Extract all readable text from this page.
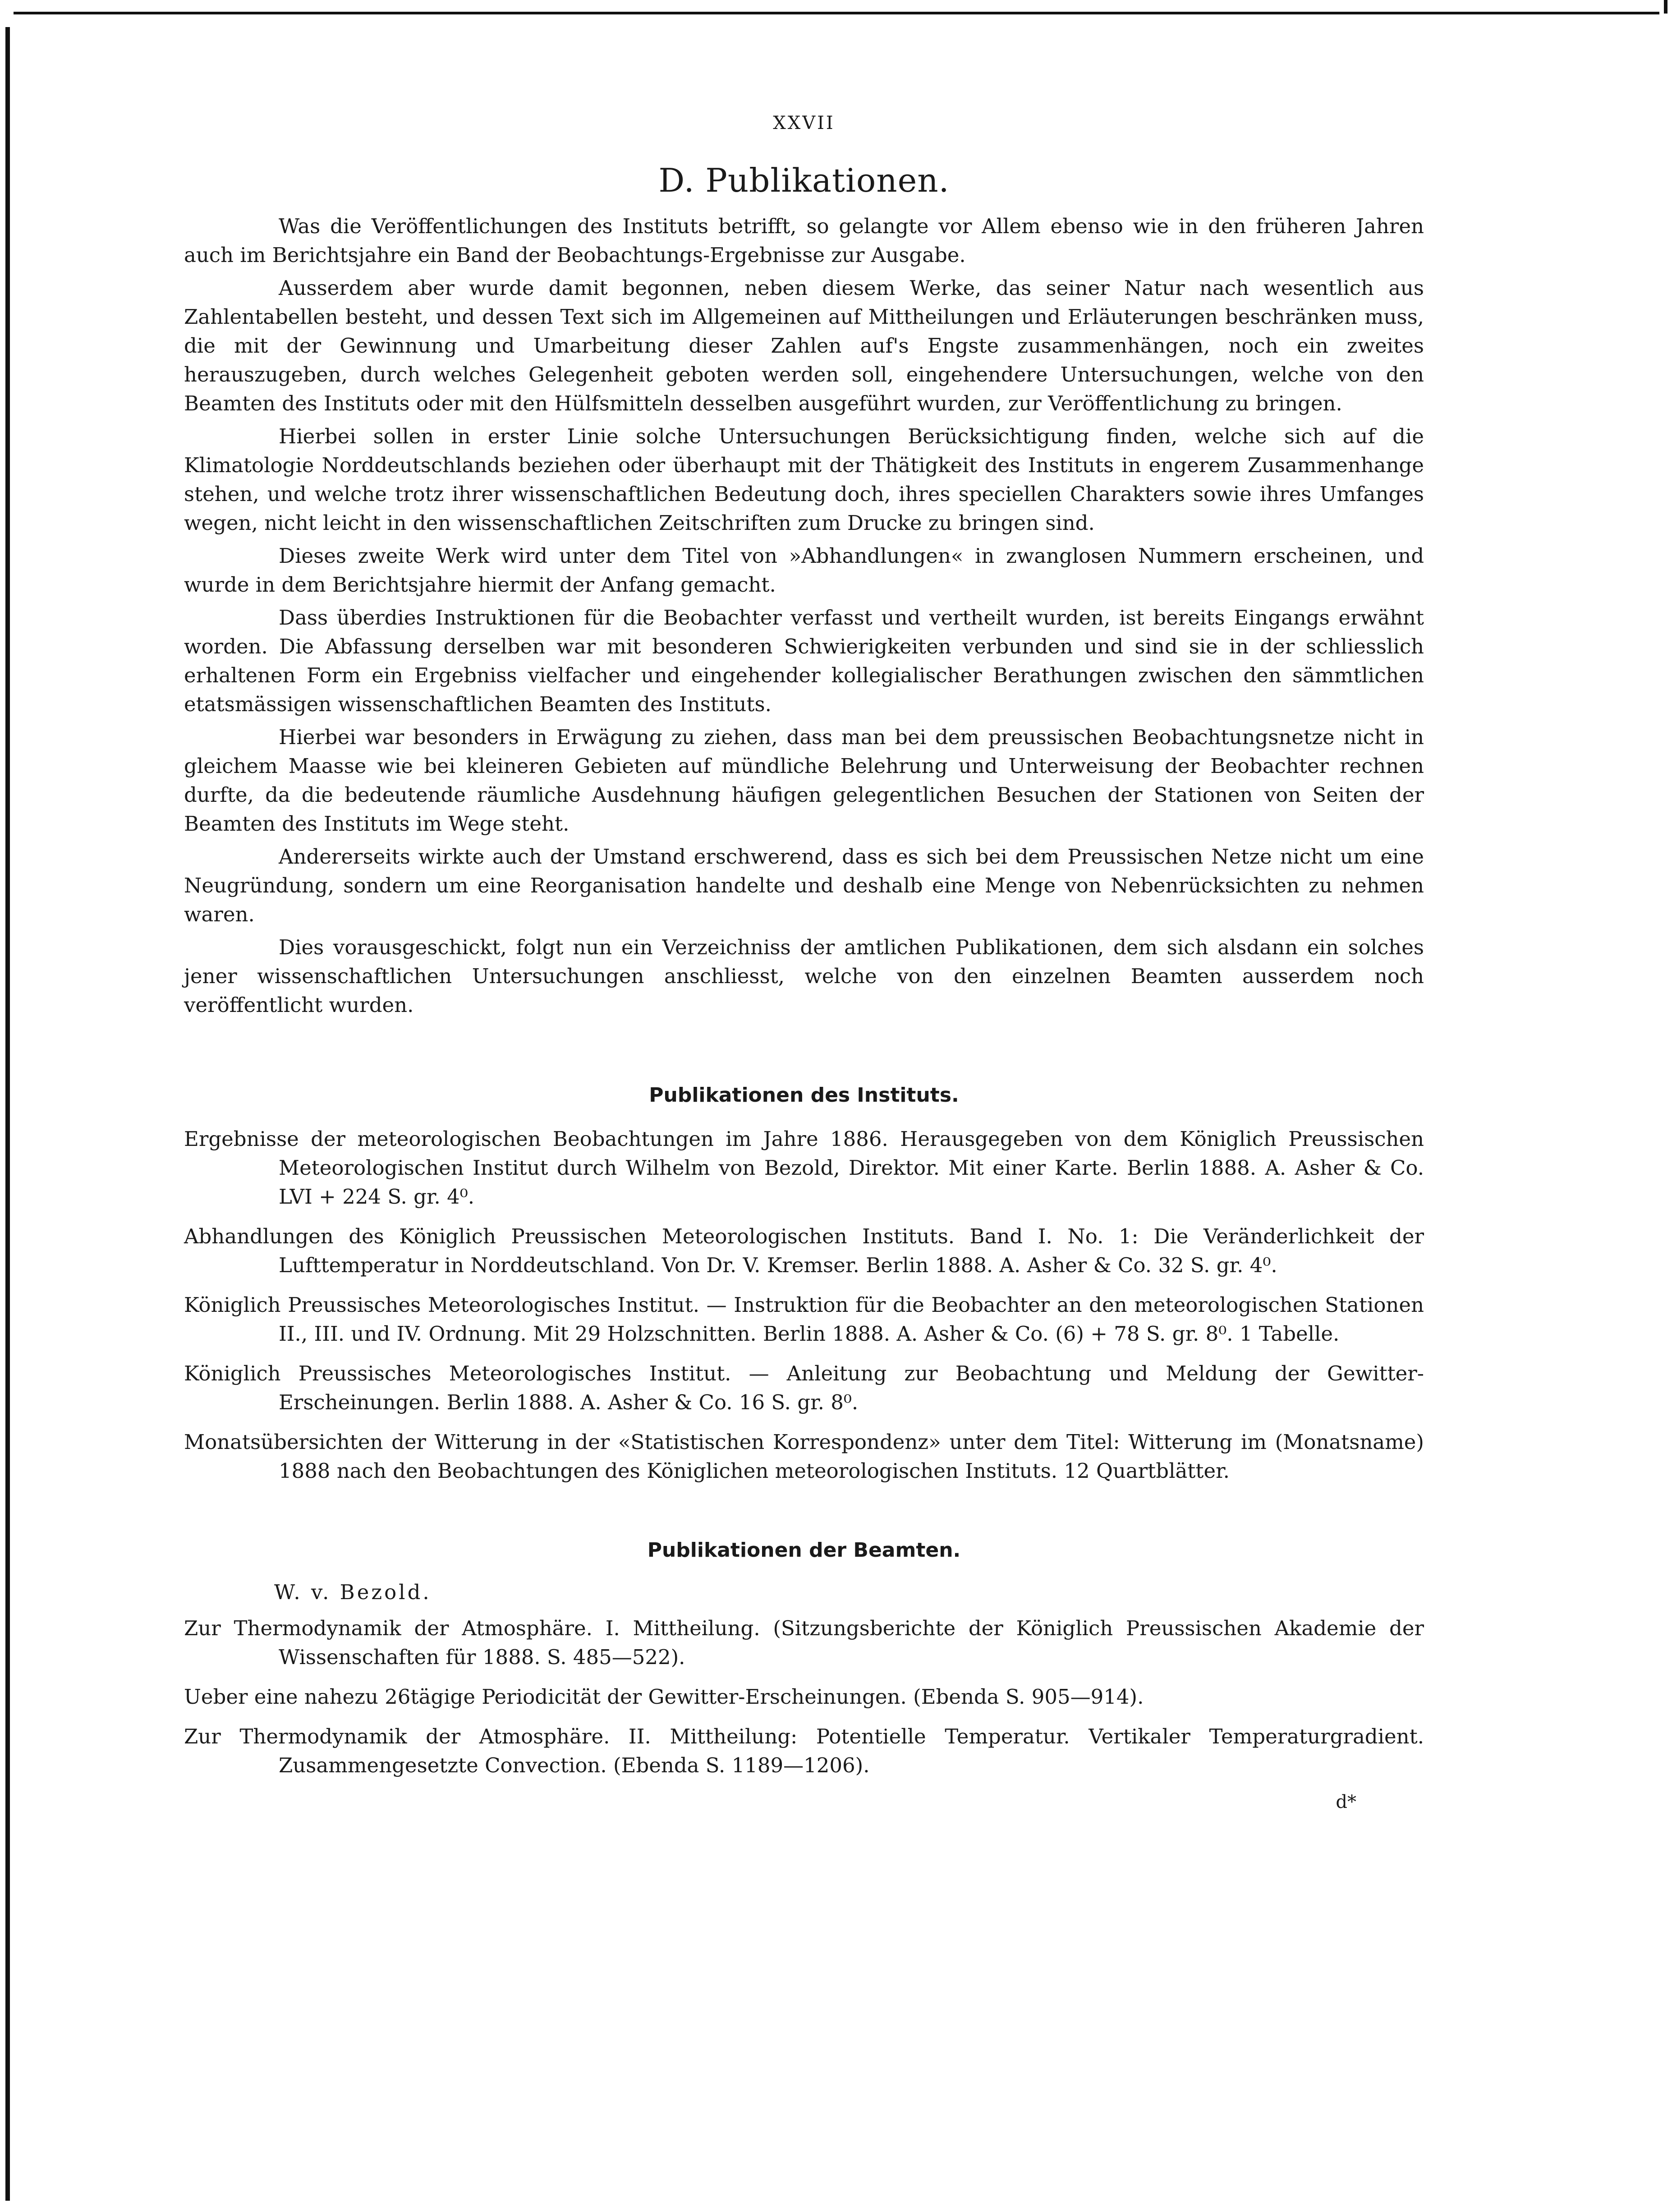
XXVII
D. Publikationen.

Was die Veröffentlichungen des Instituts betrifft, so gelangte vor Allem ebenso wie in den früheren Jahren auch im Berichtsjahre ein Band der Beobachtungs-Ergebnisse zur Ausgabe.

Ausserdem aber wurde damit begonnen, neben diesem Werke, das seiner Natur nach wesentlich aus Zahlentabellen besteht, und dessen Text sich im Allgemeinen auf Mittheilungen und Erläuterungen beschränken muss, die mit der Gewinnung und Umarbeitung dieser Zahlen auf's Engste zusammenhängen, noch ein zweites herauszugeben, durch welches Gelegenheit geboten werden soll, eingehendere Untersuchungen, welche von den Beamten des Instituts oder mit den Hülfsmitteln desselben ausgeführt wurden, zur Veröffentlichung zu bringen.

Hierbei sollen in erster Linie solche Untersuchungen Berücksichtigung finden, welche sich auf die Klimatologie Norddeutschlands beziehen oder überhaupt mit der Thätigkeit des Instituts in engerem Zusammenhange stehen, und welche trotz ihrer wissenschaftlichen Bedeutung doch, ihres speciellen Charakters sowie ihres Umfanges wegen, nicht leicht in den wissenschaftlichen Zeitschriften zum Drucke zu bringen sind.

Dieses zweite Werk wird unter dem Titel von »Abhandlungen« in zwanglosen Nummern erscheinen, und wurde in dem Berichtsjahre hiermit der Anfang gemacht.

Dass überdies Instruktionen für die Beobachter verfasst und vertheilt wurden, ist bereits Eingangs erwähnt worden. Die Abfassung derselben war mit besonderen Schwierigkeiten verbunden und sind sie in der schliesslich erhaltenen Form ein Ergebniss vielfacher und eingehender kollegialischer Berathungen zwischen den sämmtlichen etatsmässigen wissenschaftlichen Beamten des Instituts.

Hierbei war besonders in Erwägung zu ziehen, dass man bei dem preussischen Beobachtungsnetze nicht in gleichem Maasse wie bei kleineren Gebieten auf mündliche Belehrung und Unterweisung der Beobachter rechnen durfte, da die bedeutende räumliche Ausdehnung häufigen gelegentlichen Besuchen der Stationen von Seiten der Beamten des Instituts im Wege steht.

Andererseits wirkte auch der Umstand erschwerend, dass es sich bei dem Preussischen Netze nicht um eine Neugründung, sondern um eine Reorganisation handelte und deshalb eine Menge von Nebenrücksichten zu nehmen waren.

Dies vorausgeschickt, folgt nun ein Verzeichniss der amtlichen Publikationen, dem sich alsdann ein solches jener wissenschaftlichen Untersuchungen anschliesst, welche von den einzelnen Beamten ausserdem noch veröffentlicht wurden.

Publikationen des Instituts.

Ergebnisse der meteorologischen Beobachtungen im Jahre 1886. Herausgegeben von dem Königlich Preussischen Meteorologischen Institut durch Wilhelm von Bezold, Direktor. Mit einer Karte. Berlin 1888. A. Asher & Co. LVI + 224 S. gr. 4⁰.

Abhandlungen des Königlich Preussischen Meteorologischen Instituts. Band I. No. 1: Die Veränderlichkeit der Lufttemperatur in Norddeutschland. Von Dr. V. Kremser. Berlin 1888. A. Asher & Co. 32 S. gr. 4⁰.

Königlich Preussisches Meteorologisches Institut. — Instruktion für die Beobachter an den meteorologischen Stationen II., III. und IV. Ordnung. Mit 29 Holzschnitten. Berlin 1888. A. Asher & Co. (6) + 78 S. gr. 8⁰. 1 Tabelle.

Königlich Preussisches Meteorologisches Institut. — Anleitung zur Beobachtung und Meldung der Gewitter-Erscheinungen. Berlin 1888. A. Asher & Co. 16 S. gr. 8⁰.

Monatsübersichten der Witterung in der «Statistischen Korrespondenz» unter dem Titel: Witterung im (Monatsname) 1888 nach den Beobachtungen des Königlichen meteorologischen Instituts. 12 Quartblätter.

Publikationen der Beamten.
W. v. Bezold.

Zur Thermodynamik der Atmosphäre. I. Mittheilung. (Sitzungsberichte der Königlich Preussischen Akademie der Wissenschaften für 1888. S. 485—522).

Ueber eine nahezu 26tägige Periodicität der Gewitter-Erscheinungen. (Ebenda S. 905—914).

Zur Thermodynamik der Atmosphäre. II. Mittheilung: Potentielle Temperatur. Vertikaler Temperaturgradient. Zusammengesetzte Convection. (Ebenda S. 1189—1206).

d*
